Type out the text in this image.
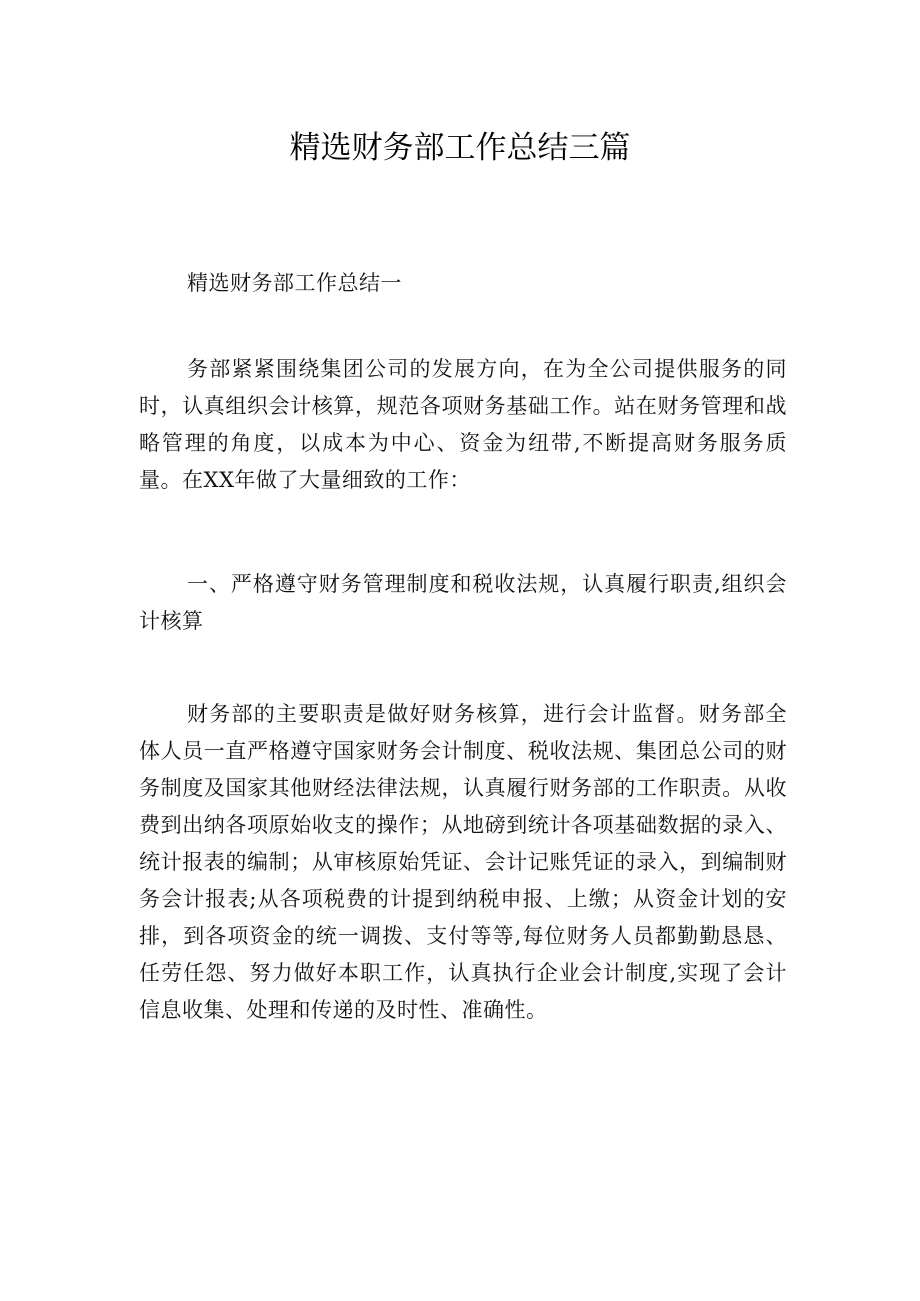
精选财务部工作总结三篇

精选财务部工作总结一

务部紧紧围绕集团公司的发展方向，在为全公司提供服务的同时，认真组织会计核算，规范各项财务基础工作。站在财务管理和战略管理的角度，以成本为中心、资金为纽带,不断提高财务服务质量。在XX年做了大量细致的工作：

一、严格遵守财务管理制度和税收法规，认真履行职责,组织会计核算

财务部的主要职责是做好财务核算，进行会计监督。财务部全体人员一直严格遵守国家财务会计制度、税收法规、集团总公司的财务制度及国家其他财经法律法规，认真履行财务部的工作职责。从收费到出纳各项原始收支的操作；从地磅到统计各项基础数据的录入、统计报表的编制；从审核原始凭证、会计记账凭证的录入，到编制财务会计报表;从各项税费的计提到纳税申报、上缴；从资金计划的安排，到各项资金的统一调拨、支付等等,每位财务人员都勤勤恳恳、任劳任怨、努力做好本职工作，认真执行企业会计制度,实现了会计信息收集、处理和传递的及时性、准确性。
